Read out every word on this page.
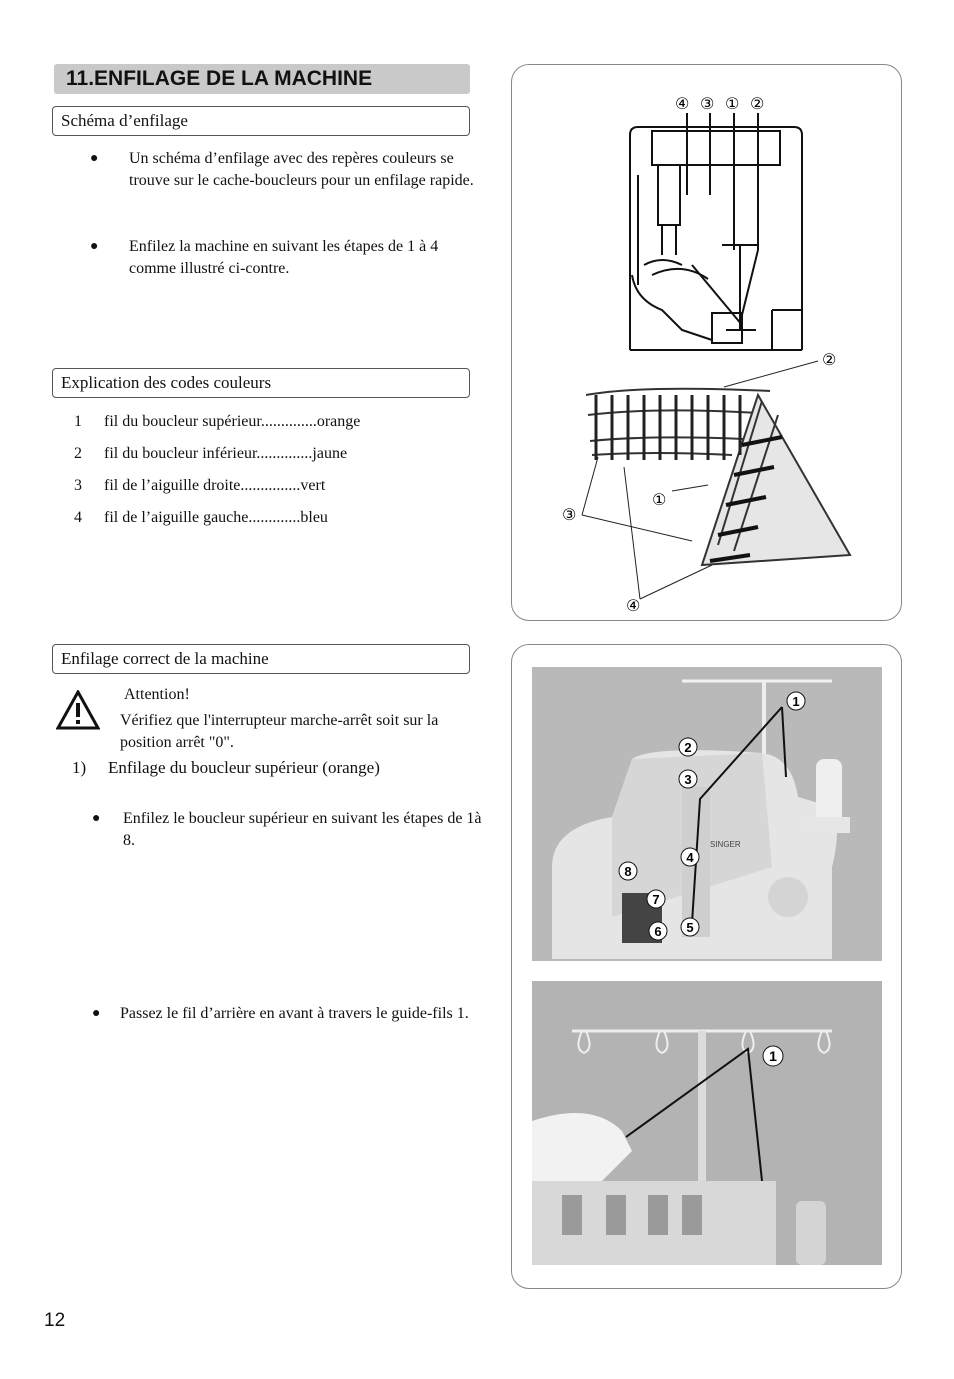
11.ENFILAGE DE LA MACHINE
Schéma d’enfilage
● Un schéma d’enfilage avec des repères couleurs se trouve sur le cache-boucleurs pour un enfilage rapide.
● Enfilez la machine en suivant les étapes de 1 à 4 comme illustré ci-contre.
Explication des codes couleurs
1	fil du boucleur supérieur..............orange
2	fil du boucleur inférieur..............jaune
3	fil de l’aiguille droite...............vert
4	fil de l’aiguille gauche.............bleu
Enfilage correct de la machine
Attention!
Vérifiez que l'interrupteur marche-arrêt soit sur la position arrêt "0".
1) Enfilage du boucleur supérieur (orange)
● Enfilez le boucleur supérieur en suivant les étapes de 1à 8.
● Passez le fil d’arrière en avant à travers le guide-fils 1.
④ ③ ① ②
②
①
③
④
SINGER
1
2
3
4
5
6
7
8
1
12
